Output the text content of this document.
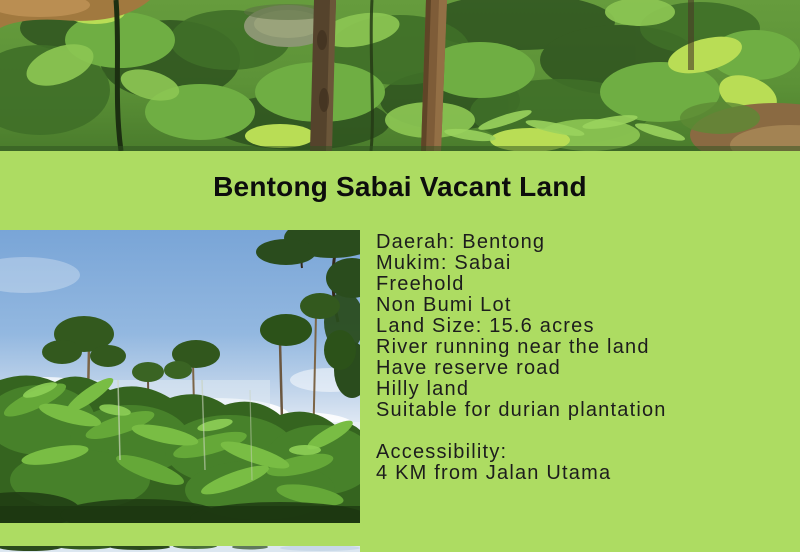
Bentong Sabai Vacant Land
Daerah: Bentong
Mukim: Sabai
Freehold
Non Bumi Lot
Land Size: 15.6 acres
River running near the land
Have reserve road
Hilly land
Suitable for durian plantation
Accessibility:
4 KM from Jalan Utama
